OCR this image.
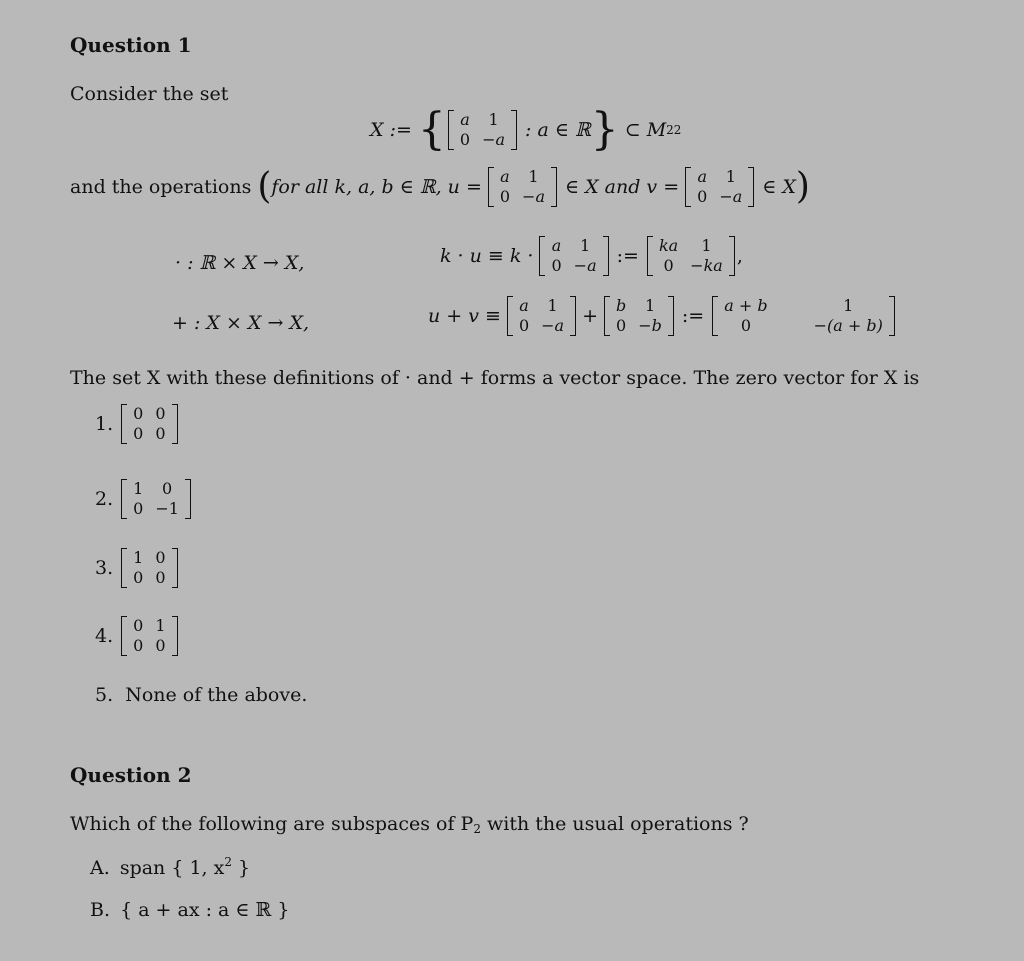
Question 1
Consider the set
X := { a	1
0	−a : a ∈ ℝ } ⊂ M 22
and the operations ( for all k, a, b ∈ ℝ, u = a	1
0	−a ∈ X and v = a	1
0	−a ∈ X )
· : ℝ × X → X,	k · u ≡ k · a	1
0	−a := ka	1
0	−ka ,
+ : X × X → X,	u + v ≡ a	1
0	−a + b	1
0	−b := a + b	1
0	−(a + b)
The set X with these definitions of · and + forms a vector space. The zero vector for X is
1. 0	0
0	0
2. 1	0
0	−1
3. 1	0
0	0
4. 0	1
0	0
5. None of the above.
Question 2
Which of the following are subspaces of $P_2$ with the usual operations ?
A. span { 1, $x^2$ }
B. { a + ax : a ∈ ℝ }
